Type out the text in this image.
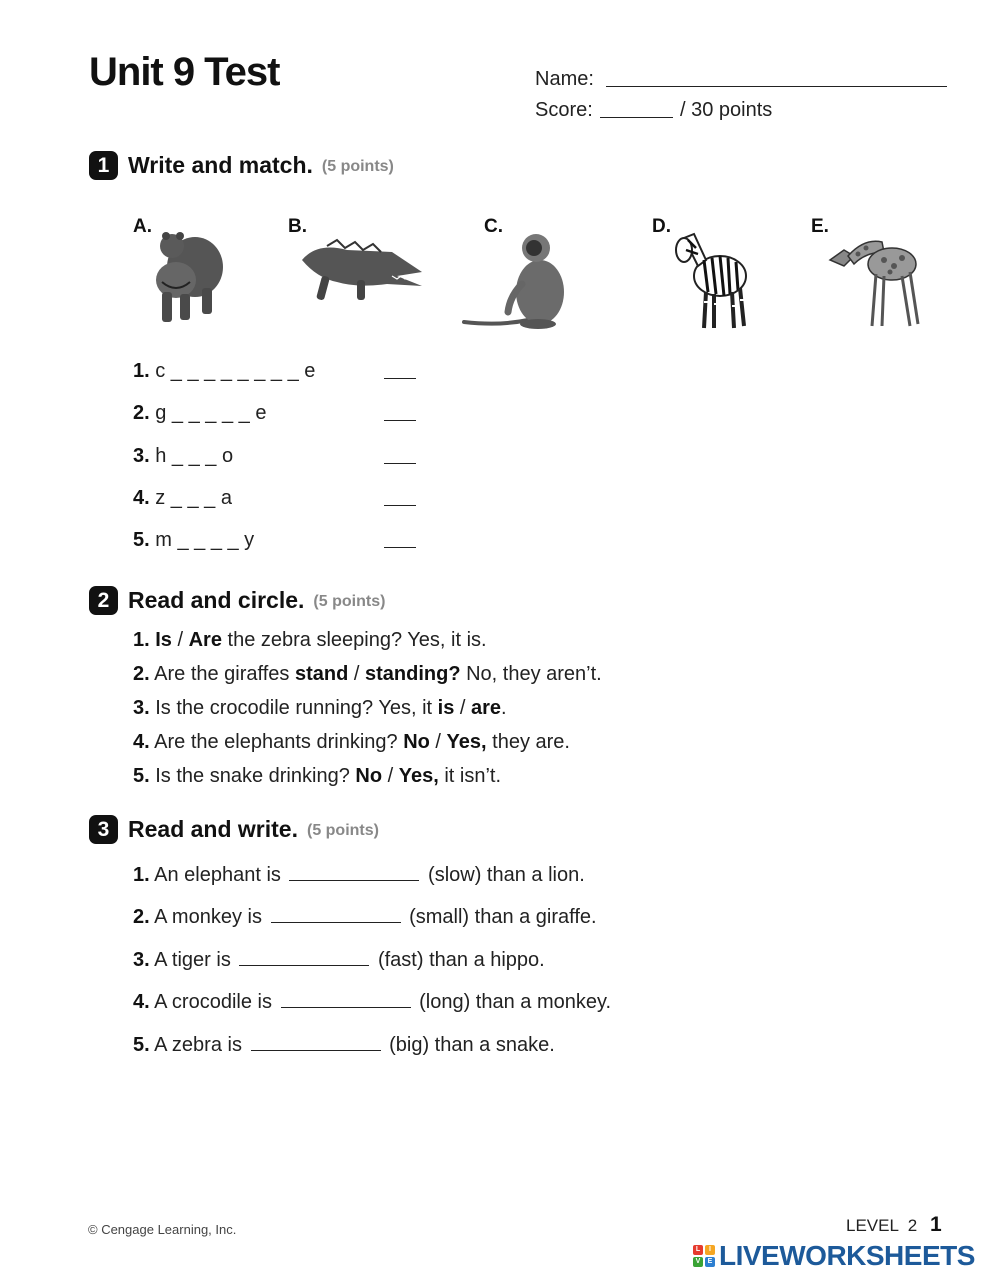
Unit 9 Test	Name:
Score:	/ 30 points
1 Write and match. (5 points)
A.	B.	C.	D.	E.
1. c _ _ _ _ _ _ _ _ e
2. g _ _ _ _ _ e
3. h _ _ _ o
4. z _ _ _ a
5. m _ _ _ _ y
2 Read and circle. (5 points)
1. Is / Are the zebra sleeping? Yes, it is.
2. Are the giraffes stand / standing? No, they aren’t.
3. Is the crocodile running? Yes, it is / are.
4. Are the elephants drinking? No / Yes, they are.
5. Is the snake drinking? No / Yes, it isn’t.
3 Read and write. (5 points)
1. An elephant is	(slow) than a lion.
2. A monkey is	(small) than a giraffe.
3. A tiger is	(fast) than a hippo.
4. A crocodile is	(long) than a monkey.
5. A zebra is	(big) than a snake.
© Cengage Learning, Inc.	LEVEL  2 1
L	I
V	E LIVEWORKSHEETS
